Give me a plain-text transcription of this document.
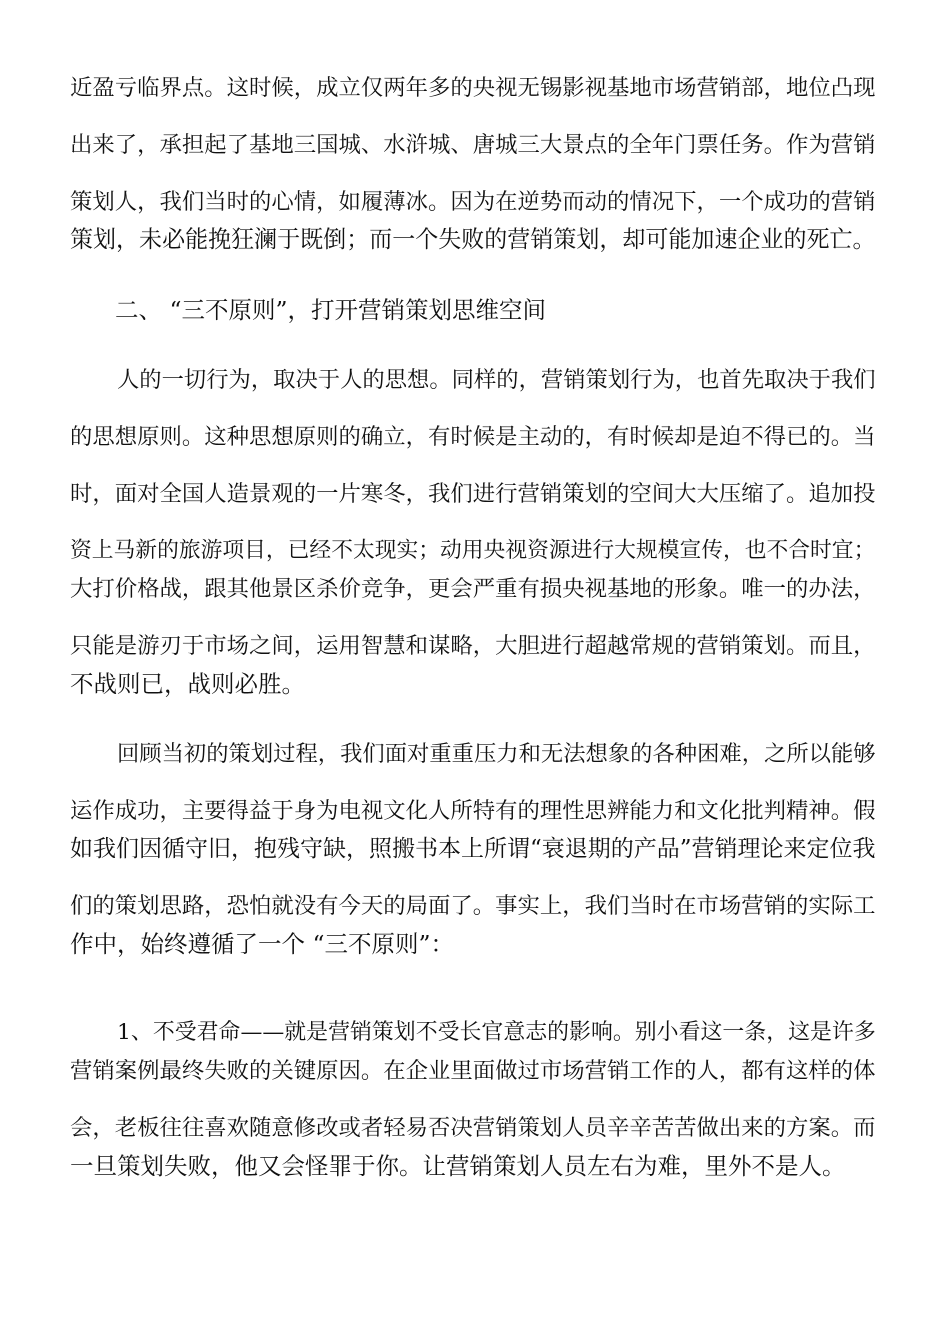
近盈亏临界点。这时候，成立仅两年多的央视无锡影视基地市场营销部，地位凸现
出来了，承担起了基地三国城、水浒城、唐城三大景点的全年门票任务。作为营销
策划人，我们当时的心情，如履薄冰。因为在逆势而动的情况下，一个成功的营销
策划，未必能挽狂澜于既倒；而一个失败的营销策划，却可能加速企业的死亡。
二、 “三不原则”，打开营销策划思维空间
人的一切行为，取决于人的思想。同样的，营销策划行为，也首先取决于我们
的思想原则。这种思想原则的确立，有时候是主动的，有时候却是迫不得已的。当
时，面对全国人造景观的一片寒冬，我们进行营销策划的空间大大压缩了。追加投
资上马新的旅游项目，已经不太现实；动用央视资源进行大规模宣传，也不合时宜；
大打价格战，跟其他景区杀价竞争，更会严重有损央视基地的形象。唯一的办法，
只能是游刃于市场之间，运用智慧和谋略，大胆进行超越常规的营销策划。而且，
不战则已，战则必胜。
回顾当初的策划过程，我们面对重重压力和无法想象的各种困难，之所以能够
运作成功，主要得益于身为电视文化人所特有的理性思辨能力和文化批判精神。假
如我们因循守旧，抱残守缺，照搬书本上所谓“衰退期的产品”营销理论来定位我
们的策划思路，恐怕就没有今天的局面了。事实上，我们当时在市场营销的实际工
作中，始终遵循了一个 “三不原则”：
1、不受君命——就是营销策划不受长官意志的影响。别小看这一条，这是许多
营销案例最终失败的关键原因。在企业里面做过市场营销工作的人，都有这样的体
会，老板往往喜欢随意修改或者轻易否决营销策划人员辛辛苦苦做出来的方案。而
一旦策划失败，他又会怪罪于你。让营销策划人员左右为难，里外不是人。
